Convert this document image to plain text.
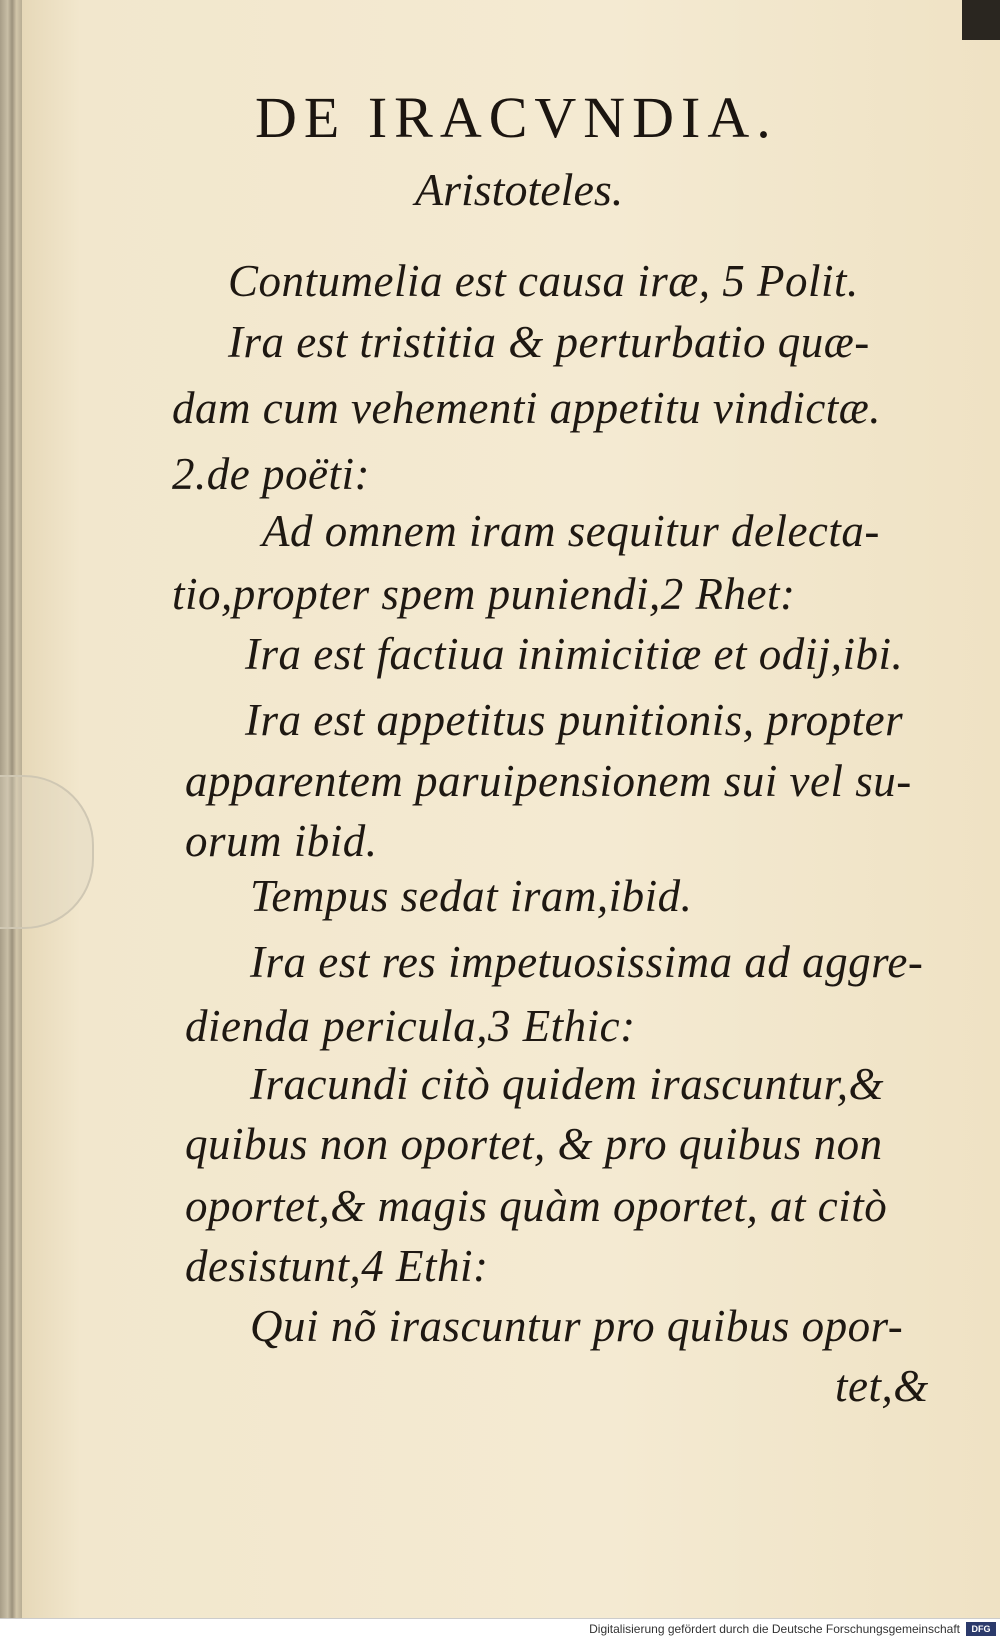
DE IRACVNDIA.
Aristoteles.
Contumelia est causa iræ, 5 Polit.
Ira est tristitia & perturbatio quæ-
dam cum vehementi appetitu vindictæ.
2.de poëti:
Ad omnem iram sequitur delecta-
tio,propter spem puniendi,2 Rhet:
Ira est factiua inimicitiæ et odij,ibi.
Ira est appetitus punitionis, propter
apparentem paruipensionem sui vel su-
orum ibid.
Tempus sedat iram,ibid.
Ira est res impetuosissima ad aggre-
dienda pericula,3 Ethic:
Iracundi citò quidem irascuntur,&
quibus non oportet, & pro quibus non
oportet,& magis quàm oportet, at citò
desistunt,4 Ethi:
Qui nõ irascuntur pro quibus opor-
tet,&
Digitalisierung gefördert durch die Deutsche Forschungsgemeinschaft	DFG
